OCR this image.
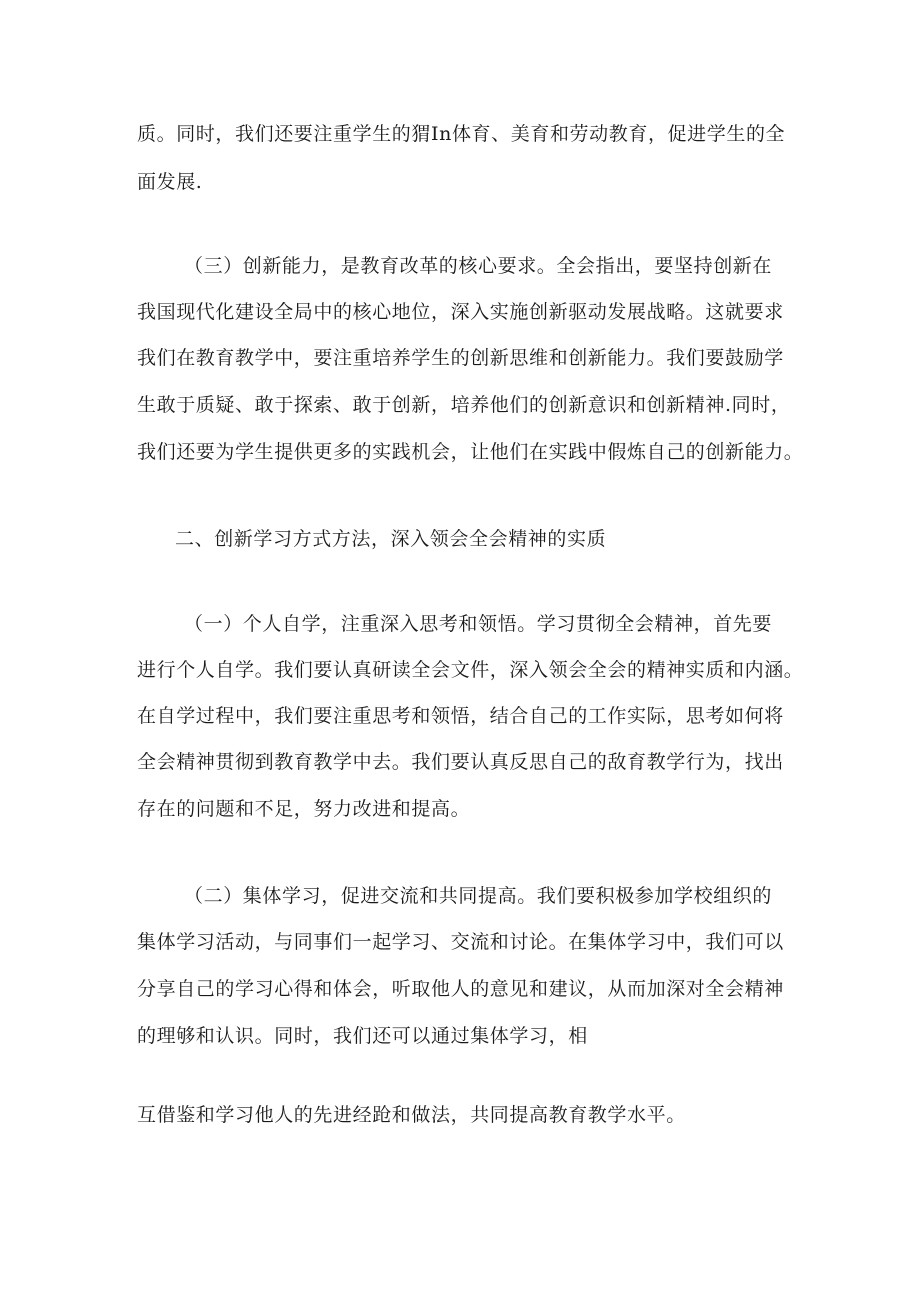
质。同时，我们还要注重学生的猬In体育、美育和劳动教育，促进学生的全
面发展.
（三）创新能力，是教育改革的核心要求。全会指出，要坚持创新在
我国现代化建设全局中的核心地位，深入实施创新驱动发展战略。这就要求
我们在教育教学中，要注重培养学生的创新思维和创新能力。我们要鼓励学
生敢于质疑、敢于探索、敢于创新，培养他们的创新意识和创新精神.同时，
我们还要为学生提供更多的实践机会，让他们在实践中假炼自己的创新能力。
二、创新学习方式方法，深入领会全会精神的实质
（一）个人自学，注重深入思考和领悟。学习贯彻全会精神，首先要
进行个人自学。我们要认真研读全会文件，深入领会全会的精神实质和内涵。
在自学过程中，我们要注重思考和领悟，结合自己的工作实际，思考如何将
全会精神贯彻到教育教学中去。我们要认真反思自己的敌育教学行为，找出
存在的问题和不足，努力改进和提高。
（二）集体学习，促进交流和共同提高。我们要积极参加学校组织的
集体学习活动，与同事们一起学习、交流和讨论。在集体学习中，我们可以
分享自己的学习心得和体会，听取他人的意见和建议，从而加深对全会精神
的理够和认识。同时，我们还可以通过集体学习，相
互借鉴和学习他人的先进经跄和做法，共同提高教育教学水平。
